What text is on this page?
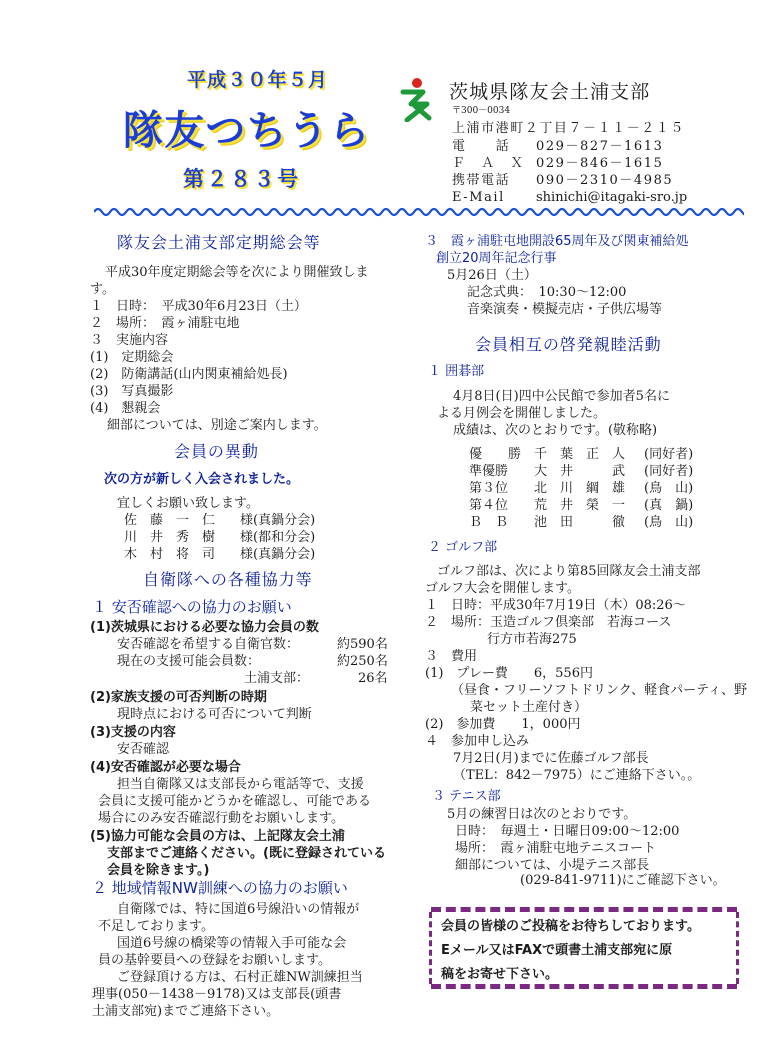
平成３０年５月
隊友つちうら
第２８３号
茨城県隊友会土浦支部
〒300－0034
上浦市港町２丁目７－１１－２１５
電　　話 029－827－1613
Ｆ　Ａ　Ｘ 029－846－1615
携帯電話 090－2310－4985
E-Mail shinichi@itagaki-sro.jp
隊友会土浦支部定期総会等
平成30年度定期総会等を次により開催致しま
す。
１　日時：　平成30年6月23日（土）
２　場所：　霞ヶ浦駐屯地
３　実施内容
(1)　定期総会
(2)　防衛講話(山内関東補給処長)
(3)　写真撮影
(4)　懇親会
細部については、別途ご案内します。
会員の異動
次の方が新しく入会されました。
宜しくお願い致します。
佐　藤　一　仁 様(真鍋分会)
川　井　秀　樹 様(都和分会)
木　村　将　司 様(真鍋分会)
自衛隊への各種協力等
１ 安否確認への協力のお願い
(1)茨城県における必要な協力会員の数
安否確認を希望する自衛官数：	約590名
現在の支援可能会員数：	約250名
土浦支部：	26名
(2)家族支援の可否判断の時期
現時点における可否について判断
(3)支援の内容
安否確認
(4)安否確認が必要な場合
担当自衛隊又は支部長から電話等で、支援
会員に支援可能かどうかを確認し、可能である
場合にのみ安否確認行動をお願いします。
(5)協力可能な会員の方は、上記隊友会土浦
支部までご連絡ください。(既に登録されている
会員を除きます。)
２ 地域情報NW訓練への協力のお願い
自衛隊では、特に国道6号線沿いの情報が
不足しております。
国道6号線の橋梁等の情報入手可能な会
員の基幹要員への登録をお願いします。
ご登録頂ける方は、石村正雄NW訓練担当
理事(050－1438－9178)又は支部長(頭書
土浦支部宛)までご連絡下さい。
３　霞ヶ浦駐屯地開設65周年及び関東補給処
創立20周年記念行事
5月26日（土）
記念式典：　10:30〜12:00
音楽演奏・模擬売店・子供広場等
会員相互の啓発親睦活動
１ 囲碁部
4月8日(日)四中公民館で参加者5名に
よる月例会を開催しました。
成績は、次のとおりです。(敬称略)
優　　勝 千　葉　正　人 (同好者)
準優勝 大　井　　　武 (同好者)
第３位 北　川　綱　雄 (鳥　山)
第４位 荒　井　榮　一 (真　鍋)
Ｂ　Ｂ 池　田　　　徹 (鳥　山)
２ ゴルフ部
ゴルフ部は、次により第85回隊友会土浦支部
ゴルフ大会を開催します。
１　日時：平成30年7月19日（木）08:26〜
２　場所：玉造ゴルフ倶楽部　若海コース
行方市若海275
３　費用
(1)　プレー費　　6，556円
（昼食・フリーソフトドリンク、軽食パーティ、野
菜セット土産付き）
(2)　参加費　　1，000円
４　参加申し込み
7月2日(月)までに佐藤ゴルフ部長
（TEL：842－7975）にご連絡下さい。。
３ テニス部
5月の練習日は次のとおりです。
日時：　毎週土・日曜日09:00〜12:00
場所：　霞ヶ浦駐屯地テニスコート
細部については、小堤テニス部長
(029-841-9711)にご確認下さい。
会員の皆様のご投稿をお待ちしております。
Eメール又はFAXで頭書土浦支部宛に原
稿をお寄せ下さい。
